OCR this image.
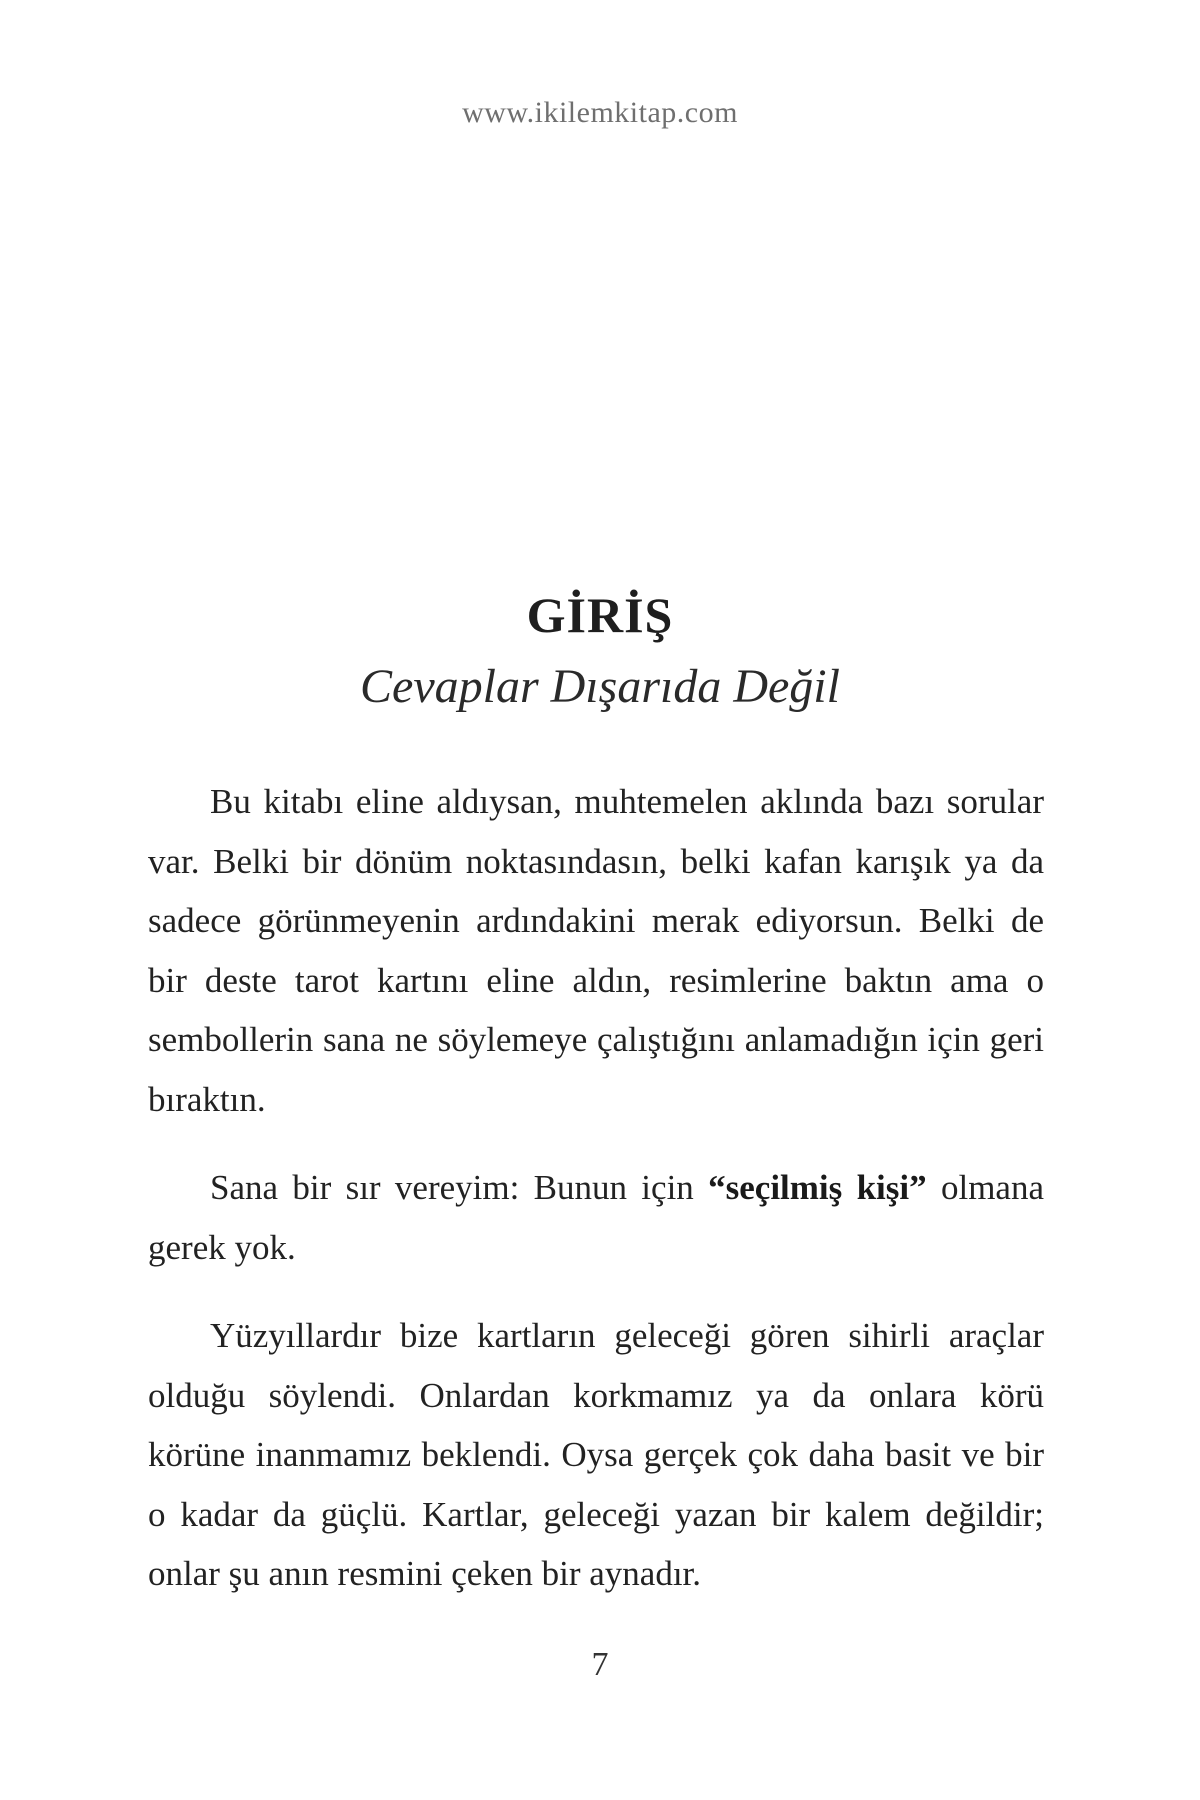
www.ikilemkitap.com
GİRİŞ
Cevaplar Dışarıda Değil

Bu kitabı eline aldıysan, muhtemelen aklında bazı sorular var. Belki bir dönüm noktasındasın, belki kafan karışık ya da sadece görünmeyenin ardındakini merak ediyorsun. Belki de bir deste tarot kartını eline aldın, resimlerine baktın ama o sembollerin sana ne söylemeye çalıştığını anlamadığın için geri bıraktın.

Sana bir sır vereyim: Bunun için “seçilmiş kişi” olmana gerek yok.

Yüzyıllardır bize kartların geleceği gören sihirli araçlar olduğu söylendi. Onlardan korkmamız ya da onlara körü körüne inanmamız beklendi. Oysa gerçek çok daha basit ve bir o kadar da güçlü. Kartlar, geleceği yazan bir kalem değildir; onlar şu anın resmini çeken bir aynadır.

7
